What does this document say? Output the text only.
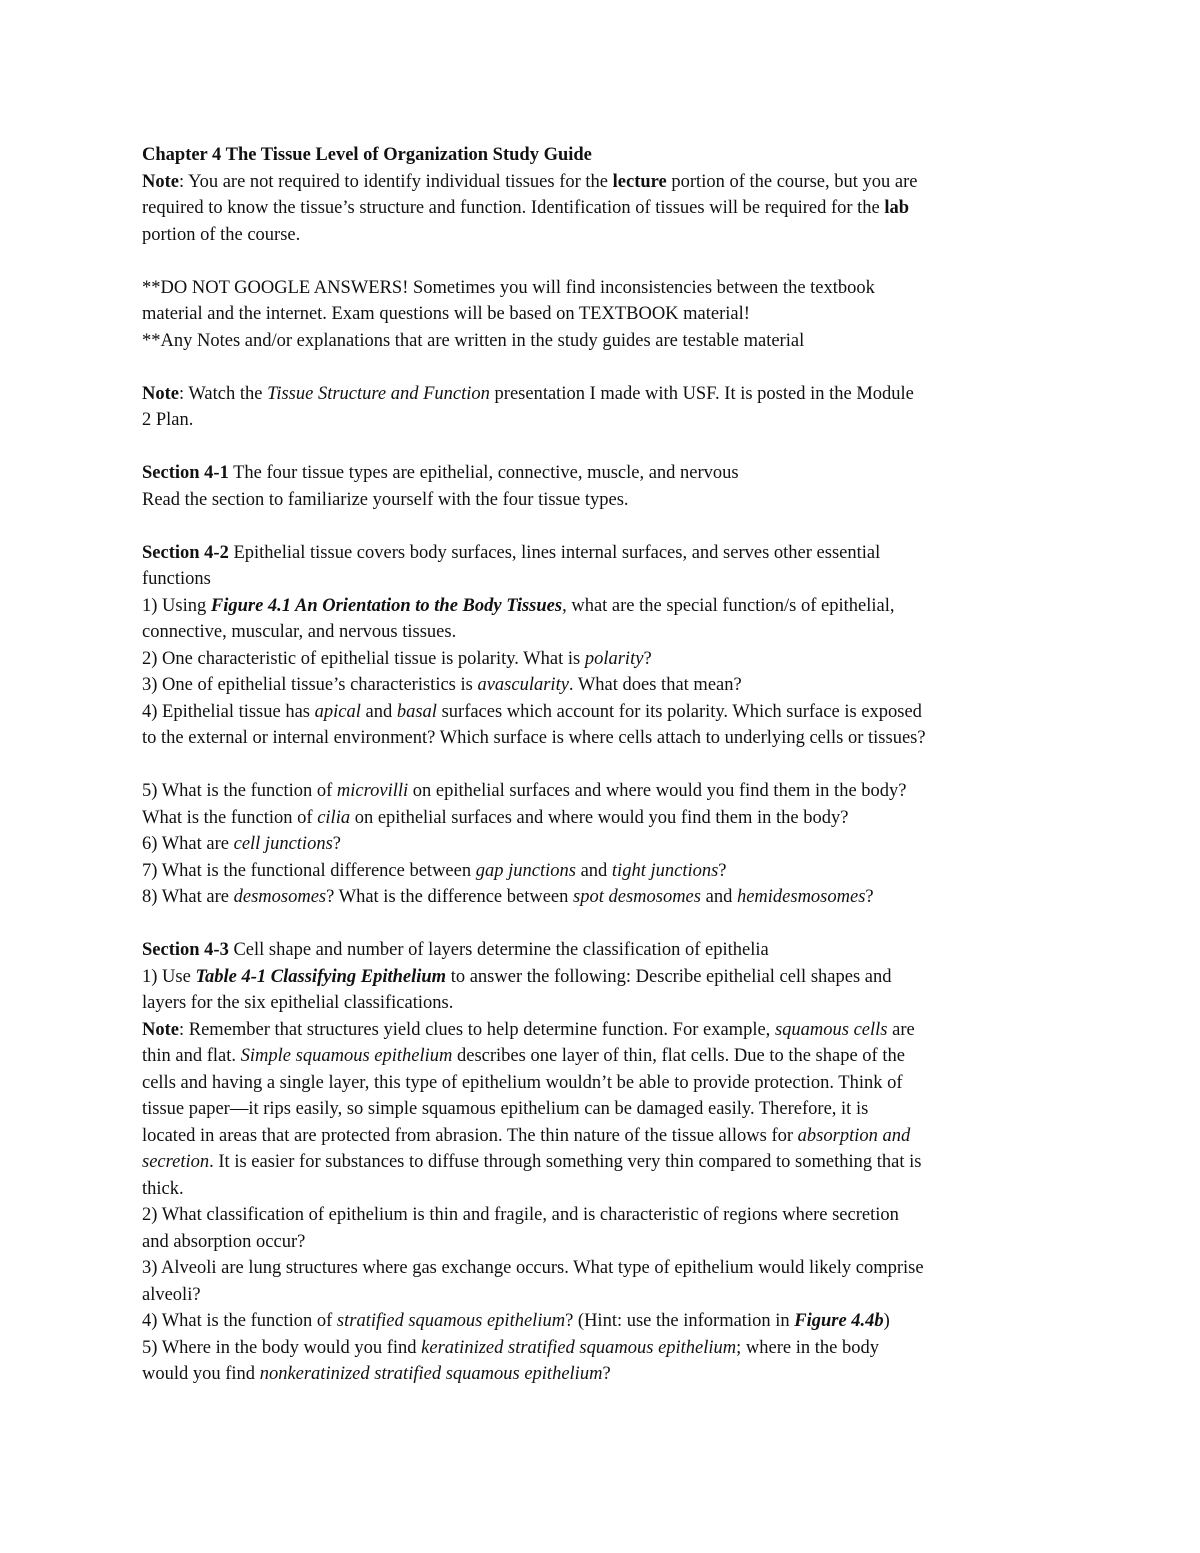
Chapter 4 The Tissue Level of Organization Study Guide
Note: You are not required to identify individual tissues for the lecture portion of the course, but you are
required to know the tissue’s structure and function. Identification of tissues will be required for the lab
portion of the course.
**DO NOT GOOGLE ANSWERS! Sometimes you will find inconsistencies between the textbook
material and the internet. Exam questions will be based on TEXTBOOK material!
**Any Notes and/or explanations that are written in the study guides are testable material
Note: Watch the Tissue Structure and Function presentation I made with USF. It is posted in the Module
2 Plan.
Section 4-1 The four tissue types are epithelial, connective, muscle, and nervous
Read the section to familiarize yourself with the four tissue types.
Section 4-2 Epithelial tissue covers body surfaces, lines internal surfaces, and serves other essential
functions
1) Using Figure 4.1 An Orientation to the Body Tissues, what are the special function/s of epithelial,
connective, muscular, and nervous tissues.
2) One characteristic of epithelial tissue is polarity. What is polarity?
3) One of epithelial tissue’s characteristics is avascularity. What does that mean?
4) Epithelial tissue has apical and basal surfaces which account for its polarity. Which surface is exposed
to the external or internal environment? Which surface is where cells attach to underlying cells or tissues?
5) What is the function of microvilli on epithelial surfaces and where would you find them in the body?
What is the function of cilia on epithelial surfaces and where would you find them in the body?
6) What are cell junctions?
7) What is the functional difference between gap junctions and tight junctions?
8) What are desmosomes? What is the difference between spot desmosomes and hemidesmosomes?
Section 4-3 Cell shape and number of layers determine the classification of epithelia
1) Use Table 4-1 Classifying Epithelium to answer the following: Describe epithelial cell shapes and
layers for the six epithelial classifications.
Note: Remember that structures yield clues to help determine function. For example, squamous cells are
thin and flat. Simple squamous epithelium describes one layer of thin, flat cells. Due to the shape of the
cells and having a single layer, this type of epithelium wouldn’t be able to provide protection. Think of
tissue paper—it rips easily, so simple squamous epithelium can be damaged easily. Therefore, it is
located in areas that are protected from abrasion. The thin nature of the tissue allows for absorption and
secretion. It is easier for substances to diffuse through something very thin compared to something that is
thick.
2) What classification of epithelium is thin and fragile, and is characteristic of regions where secretion
and absorption occur?
3) Alveoli are lung structures where gas exchange occurs. What type of epithelium would likely comprise
alveoli?
4) What is the function of stratified squamous epithelium? (Hint: use the information in Figure 4.4b)
5) Where in the body would you find keratinized stratified squamous epithelium; where in the body
would you find nonkeratinized stratified squamous epithelium?
